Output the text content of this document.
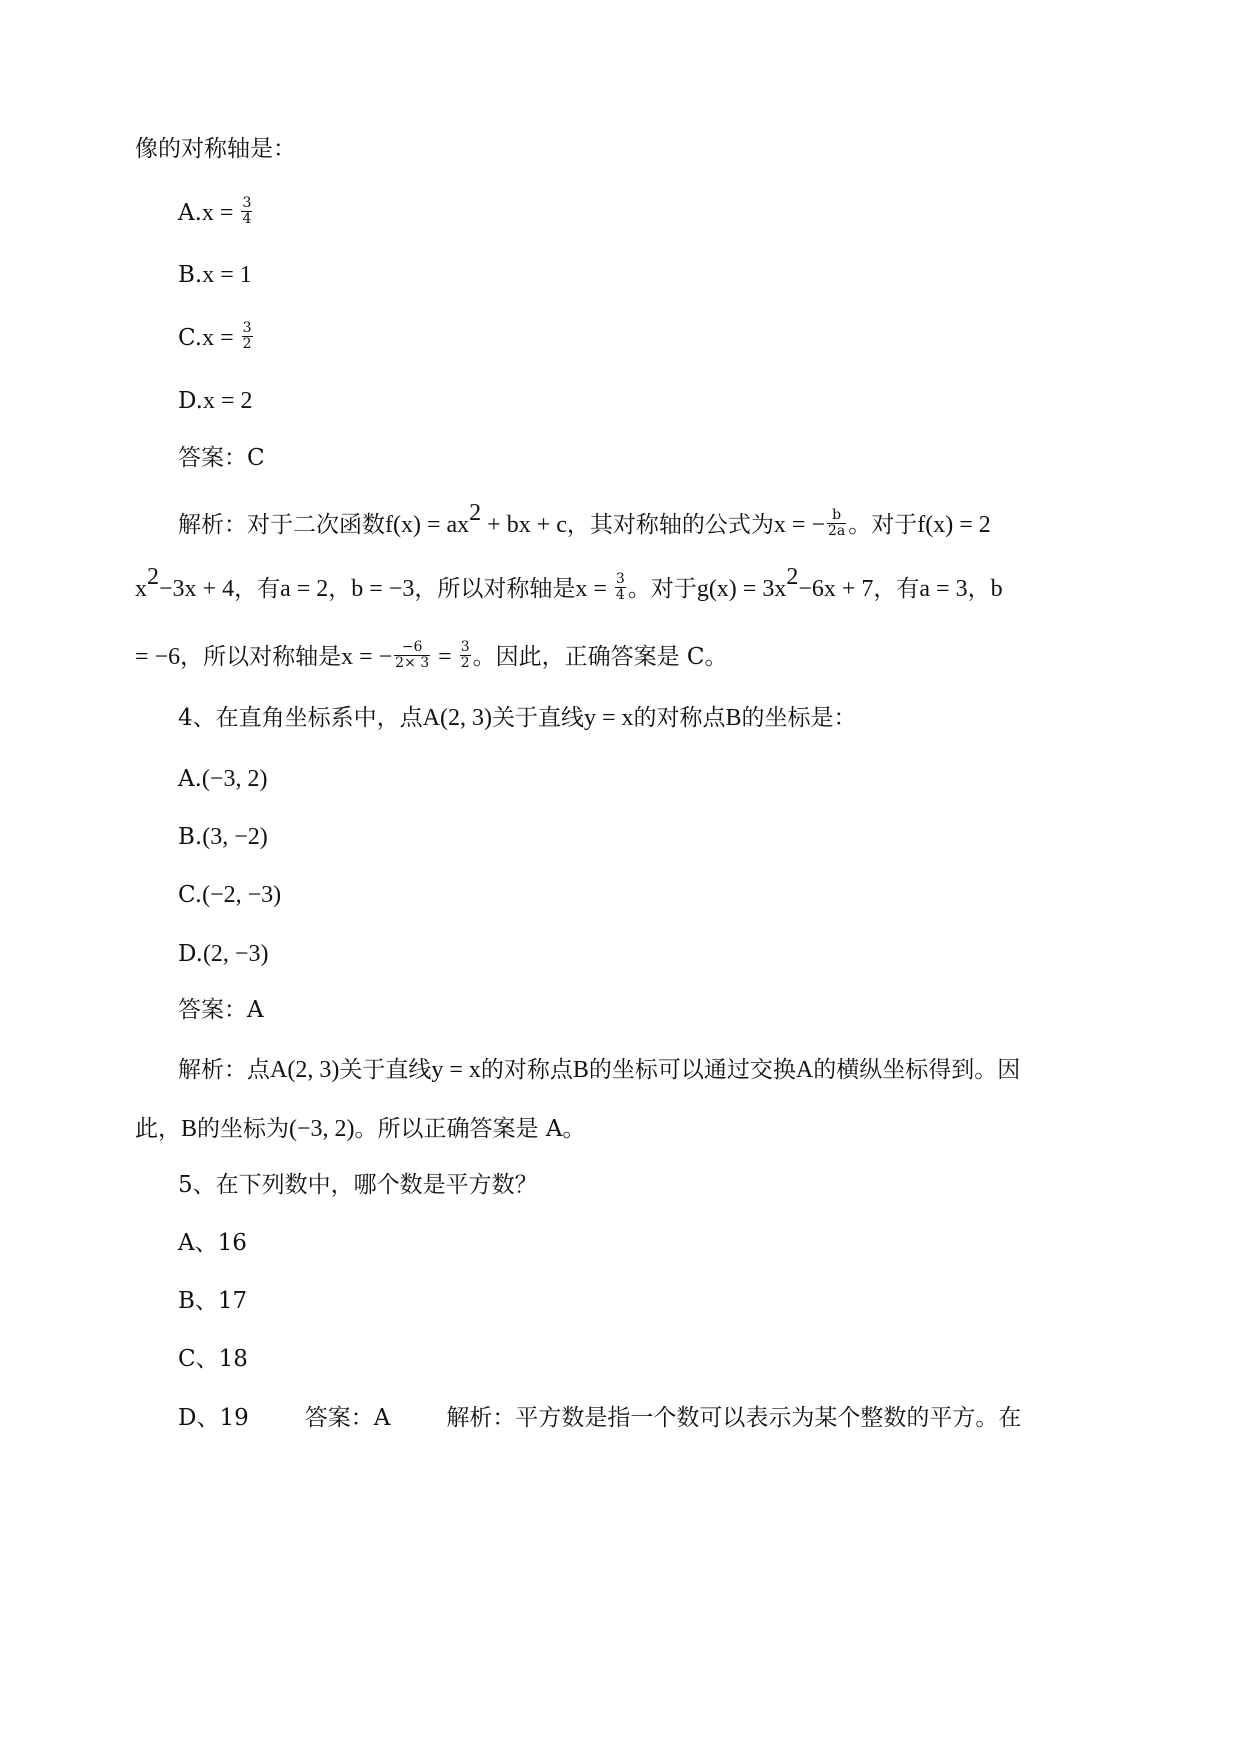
像的对称轴是：
$A.x = \frac{3}{4}$
B.x = 1
$C.x = \frac{3}{2}$
D.x = 2
答案：C
解析：对于二次函数$f(x) = ax^2$ + bx + c，其对称轴的公式为x = − $\frac{b}{2a}$ 。对于f(x) = 2
$x^2-3x + 4$，有a = 2，b = −3，所以对称轴是$x = \frac{3}{4}$ 。对于$g(x) = 3x^2-6x + 7$，有a = 3，b
= −6，所以对称轴是x = − $\frac{-6}{2\times 3} = \frac{3}{2}$ 。因此，正确答案是 C。
4、在直角坐标系中，点A(2, 3)关于直线y = x的对称点B的坐标是：
A.(−3, 2)
B.(3, −2)
C.(−2, −3)
D.(2, −3)
答案：A
解析：点A(2, 3)关于直线y = x的对称点B的坐标可以通过交换A的横纵坐标得到。因
此，B的坐标为(−3, 2)。所以正确答案是 A。
5、在下列数中，哪个数是平方数？
A、16
B、17
C、18
D、19 答案：A 解析：平方数是指一个数可以表示为某个整数的平方。在
